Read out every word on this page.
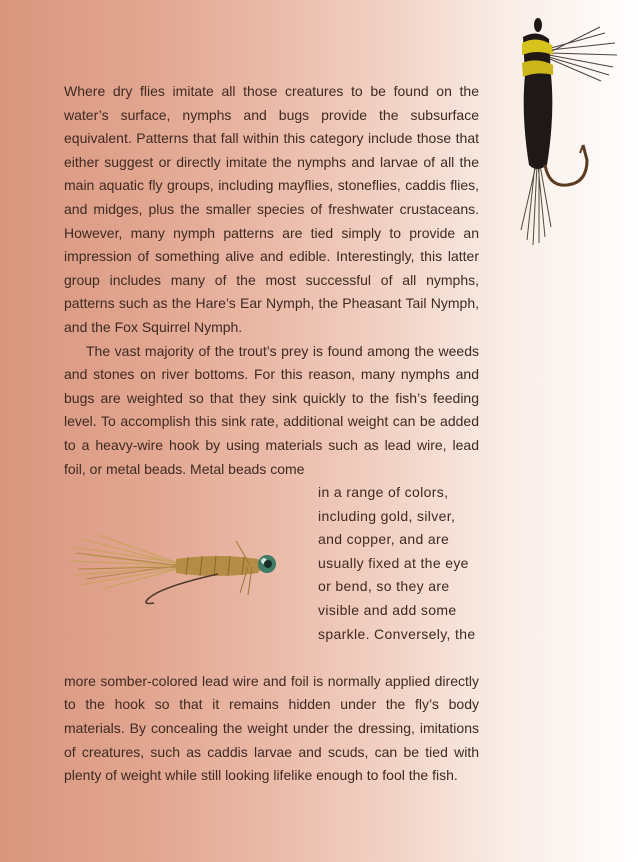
Where dry flies imitate all those creatures to be found on the water’s surface, nymphs and bugs provide the subsurface equivalent. Patterns that fall within this category include those that either suggest or directly imitate the nymphs and larvae of all the main aquatic fly groups, including mayflies, stoneflies, caddis flies, and midges, plus the smaller species of freshwater crustaceans. However, many nymph patterns are tied simply to provide an impression of something alive and edible. Interestingly, this latter group includes many of the most successful of all nymphs, patterns such as the Hare’s Ear Nymph, the Pheasant Tail Nymph, and the Fox Squirrel Nymph.

The vast majority of the trout’s prey is found among the weeds and stones on river bottoms. For this reason, many nymphs and bugs are weighted so that they sink quickly to the fish’s feeding level. To accomplish this sink rate, additional weight can be added to a heavy-wire hook by using materials such as lead wire, lead foil, or metal beads. Metal beads come

in a range of colors,
including gold, silver,
and copper, and are
usually fixed at the eye
or bend, so they are
visible and add some
sparkle. Conversely, the

more somber-colored lead wire and foil is normally applied directly to the hook so that it remains hidden under the fly’s body materials. By concealing the weight under the dressing, imitations of creatures, such as caddis larvae and scuds, can be tied with plenty of weight while still looking lifelike enough to fool the fish.
